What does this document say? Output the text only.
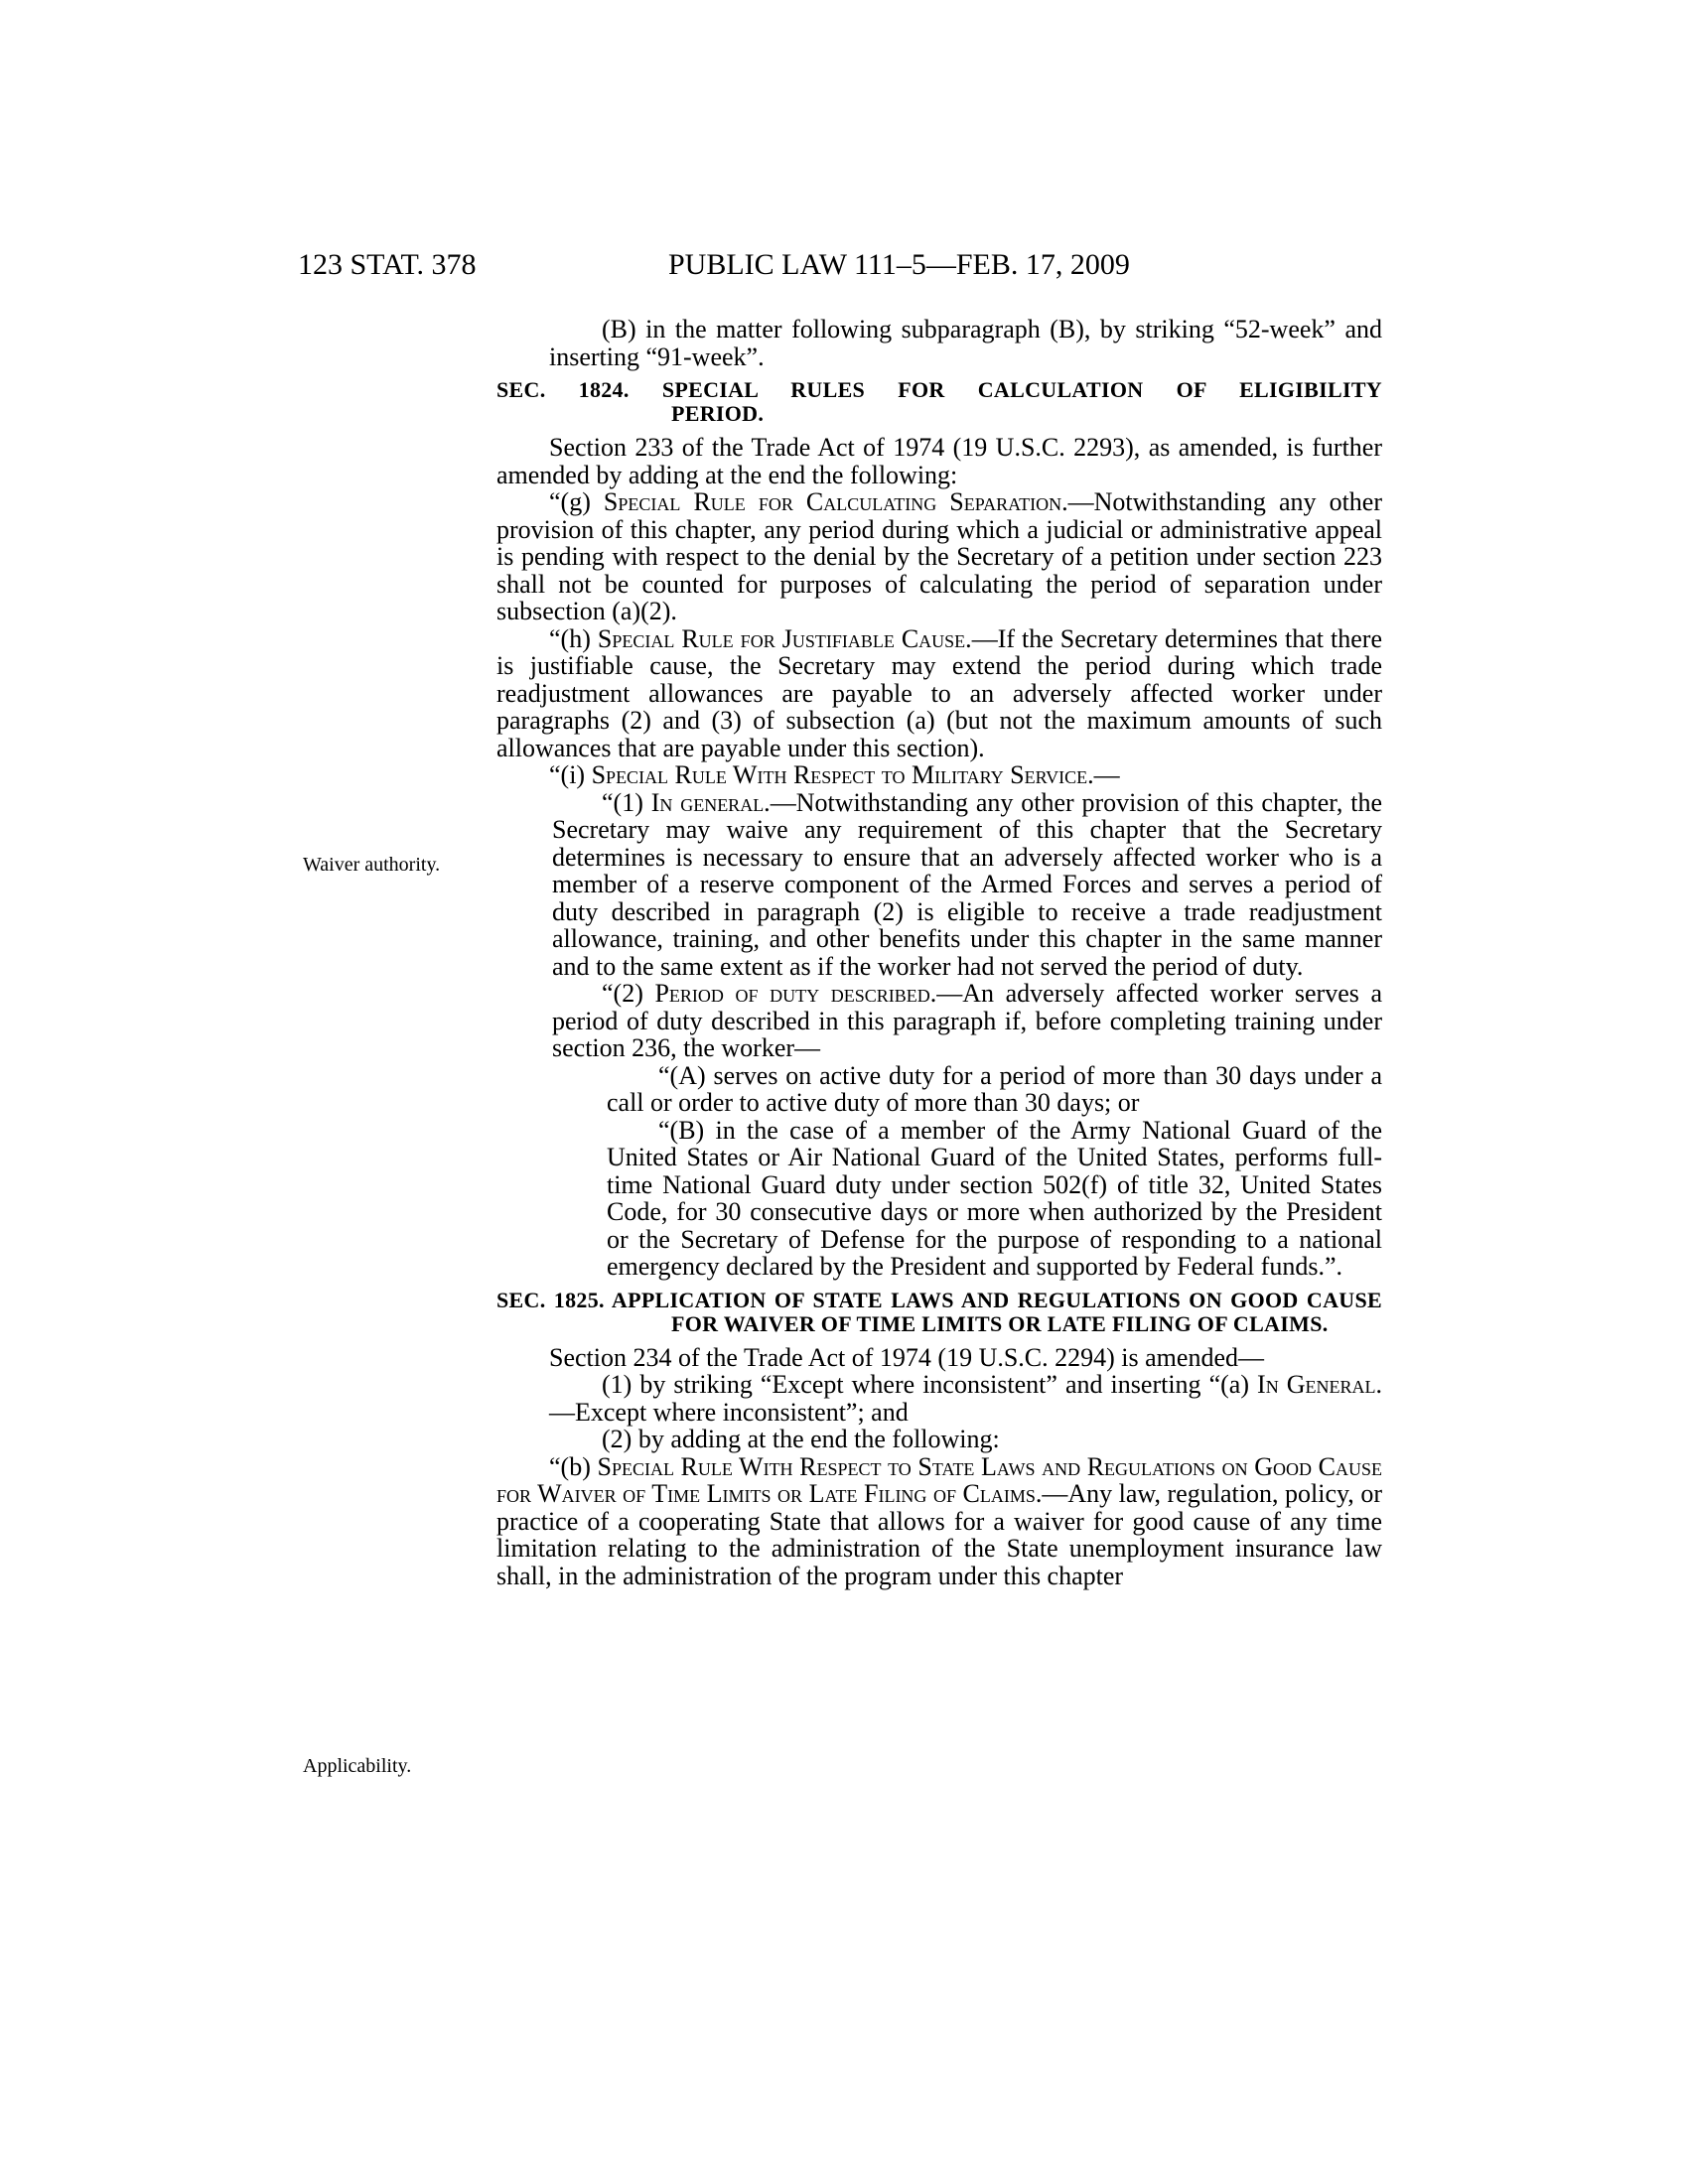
123 STAT. 378	PUBLIC LAW 111–5—FEB. 17, 2009
Waiver authority.
Applicability.

(B) in the matter following subparagraph (B), by striking “52-week” and inserting “91-week”.

SEC. 1824. SPECIAL RULES FOR CALCULATION OF ELIGIBILITY PERIOD.

Section 233 of the Trade Act of 1974 (19 U.S.C. 2293), as amended, is further amended by adding at the end the following:

“(g) Special Rule for Calculating Separation.—Notwithstanding any other provision of this chapter, any period during which a judicial or administrative appeal is pending with respect to the denial by the Secretary of a petition under section 223 shall not be counted for purposes of calculating the period of separation under subsection (a)(2).

“(h) Special Rule for Justifiable Cause.—If the Secretary determines that there is justifiable cause, the Secretary may extend the period during which trade readjustment allowances are payable to an adversely affected worker under paragraphs (2) and (3) of subsection (a) (but not the maximum amounts of such allowances that are payable under this section).

“(i) Special Rule With Respect to Military Service.—

“(1) In general.—Notwithstanding any other provision of this chapter, the Secretary may waive any requirement of this chapter that the Secretary determines is necessary to ensure that an adversely affected worker who is a member of a reserve component of the Armed Forces and serves a period of duty described in paragraph (2) is eligible to receive a trade readjustment allowance, training, and other benefits under this chapter in the same manner and to the same extent as if the worker had not served the period of duty.

“(2) Period of duty described.—An adversely affected worker serves a period of duty described in this paragraph if, before completing training under section 236, the worker—

“(A) serves on active duty for a period of more than 30 days under a call or order to active duty of more than 30 days; or

“(B) in the case of a member of the Army National Guard of the United States or Air National Guard of the United States, performs full-time National Guard duty under section 502(f) of title 32, United States Code, for 30 consecutive days or more when authorized by the President or the Secretary of Defense for the purpose of responding to a national emergency declared by the President and supported by Federal funds.”.

SEC. 1825. APPLICATION OF STATE LAWS AND REGULATIONS ON GOOD CAUSE FOR WAIVER OF TIME LIMITS OR LATE FILING OF CLAIMS.

Section 234 of the Trade Act of 1974 (19 U.S.C. 2294) is amended—

(1) by striking “Except where inconsistent” and inserting “(a) In General.—Except where inconsistent”; and

(2) by adding at the end the following:

“(b) Special Rule With Respect to State Laws and Regulations on Good Cause for Waiver of Time Limits or Late Filing of Claims.—Any law, regulation, policy, or practice of a cooperating State that allows for a waiver for good cause of any time limitation relating to the administration of the State unemployment insurance law shall, in the administration of the program under this chapter
